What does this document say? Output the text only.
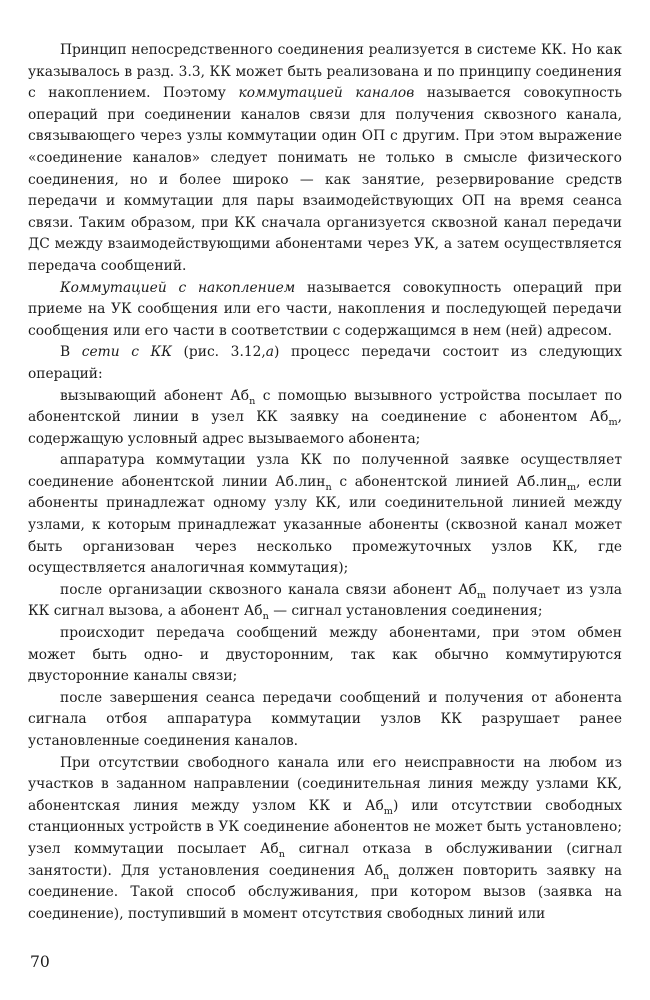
Принцип непосредственного соединения реализуется в системе КК. Но как указывалось в разд. 3.3, КК может быть реализована и по принципу соединения с накоплением. Поэтому коммутацией каналов называется совокупность операций при соединении каналов связи для получения сквозного канала, связывающего через узлы коммутации один ОП с другим. При этом выражение «соединение каналов» следует понимать не только в смысле физического соединения, но и более широко — как занятие, резервирование средств передачи и коммутации для пары взаимодействующих ОП на время сеанса связи. Таким образом, при КК сначала организуется сквозной канал передачи ДС между взаимодействующими абонентами через УК, а затем осуществляется передача сообщений.

Коммутацией с накоплением называется совокупность операций при приеме на УК сообщения или его части, накопления и последующей передачи сообщения или его части в соответствии с содержащимся в нем (ней) адресом.

В сети с КК (рис. 3.12,а) процесс передачи состоит из следующих операций:

вызывающий абонент $Аб_n$ с помощью вызывного устройства посылает по абонентской линии в узел КК заявку на соединение с абонентом $Аб_m$, содержащую условный адрес вызываемого абонента;

аппаратура коммутации узла КК по полученной заявке осуществляет соединение абонентской линии Аб.лин$_n$ с абонентской линией Аб.лин$_m$, если абоненты принадлежат одному узлу КК, или соединительной линией между узлами, к которым принадлежат указанные абоненты (сквозной канал может быть организован через несколько промежуточных узлов КК, где осуществляется аналогичная коммутация);

после организации сквозного канала связи абонент $Аб_m$ получает из узла КК сигнал вызова, а абонент $Аб_n$ — сигнал установления соединения;

происходит передача сообщений между абонентами, при этом обмен может быть одно- и двусторонним, так как обычно коммутируются двусторонние каналы связи;

после завершения сеанса передачи сообщений и получения от абонента сигнала отбоя аппаратура коммутации узлов КК разрушает ранее установленные соединения каналов.

При отсутствии свободного канала или его неисправности на любом из участков в заданном направлении (соединительная линия между узлами КК, абонентская линия между узлом КК и $Аб_m$) или отсутствии свободных станционных устройств в УК соединение абонентов не может быть установлено; узел коммутации посылает $Аб_n$ сигнал отказа в обслуживании (сигнал занятости). Для установления соединения $Аб_n$ должен повторить заявку на соединение. Такой способ обслуживания, при котором вызов (заявка на соединение), поступивший в момент отсутствия свободных линий или

70
